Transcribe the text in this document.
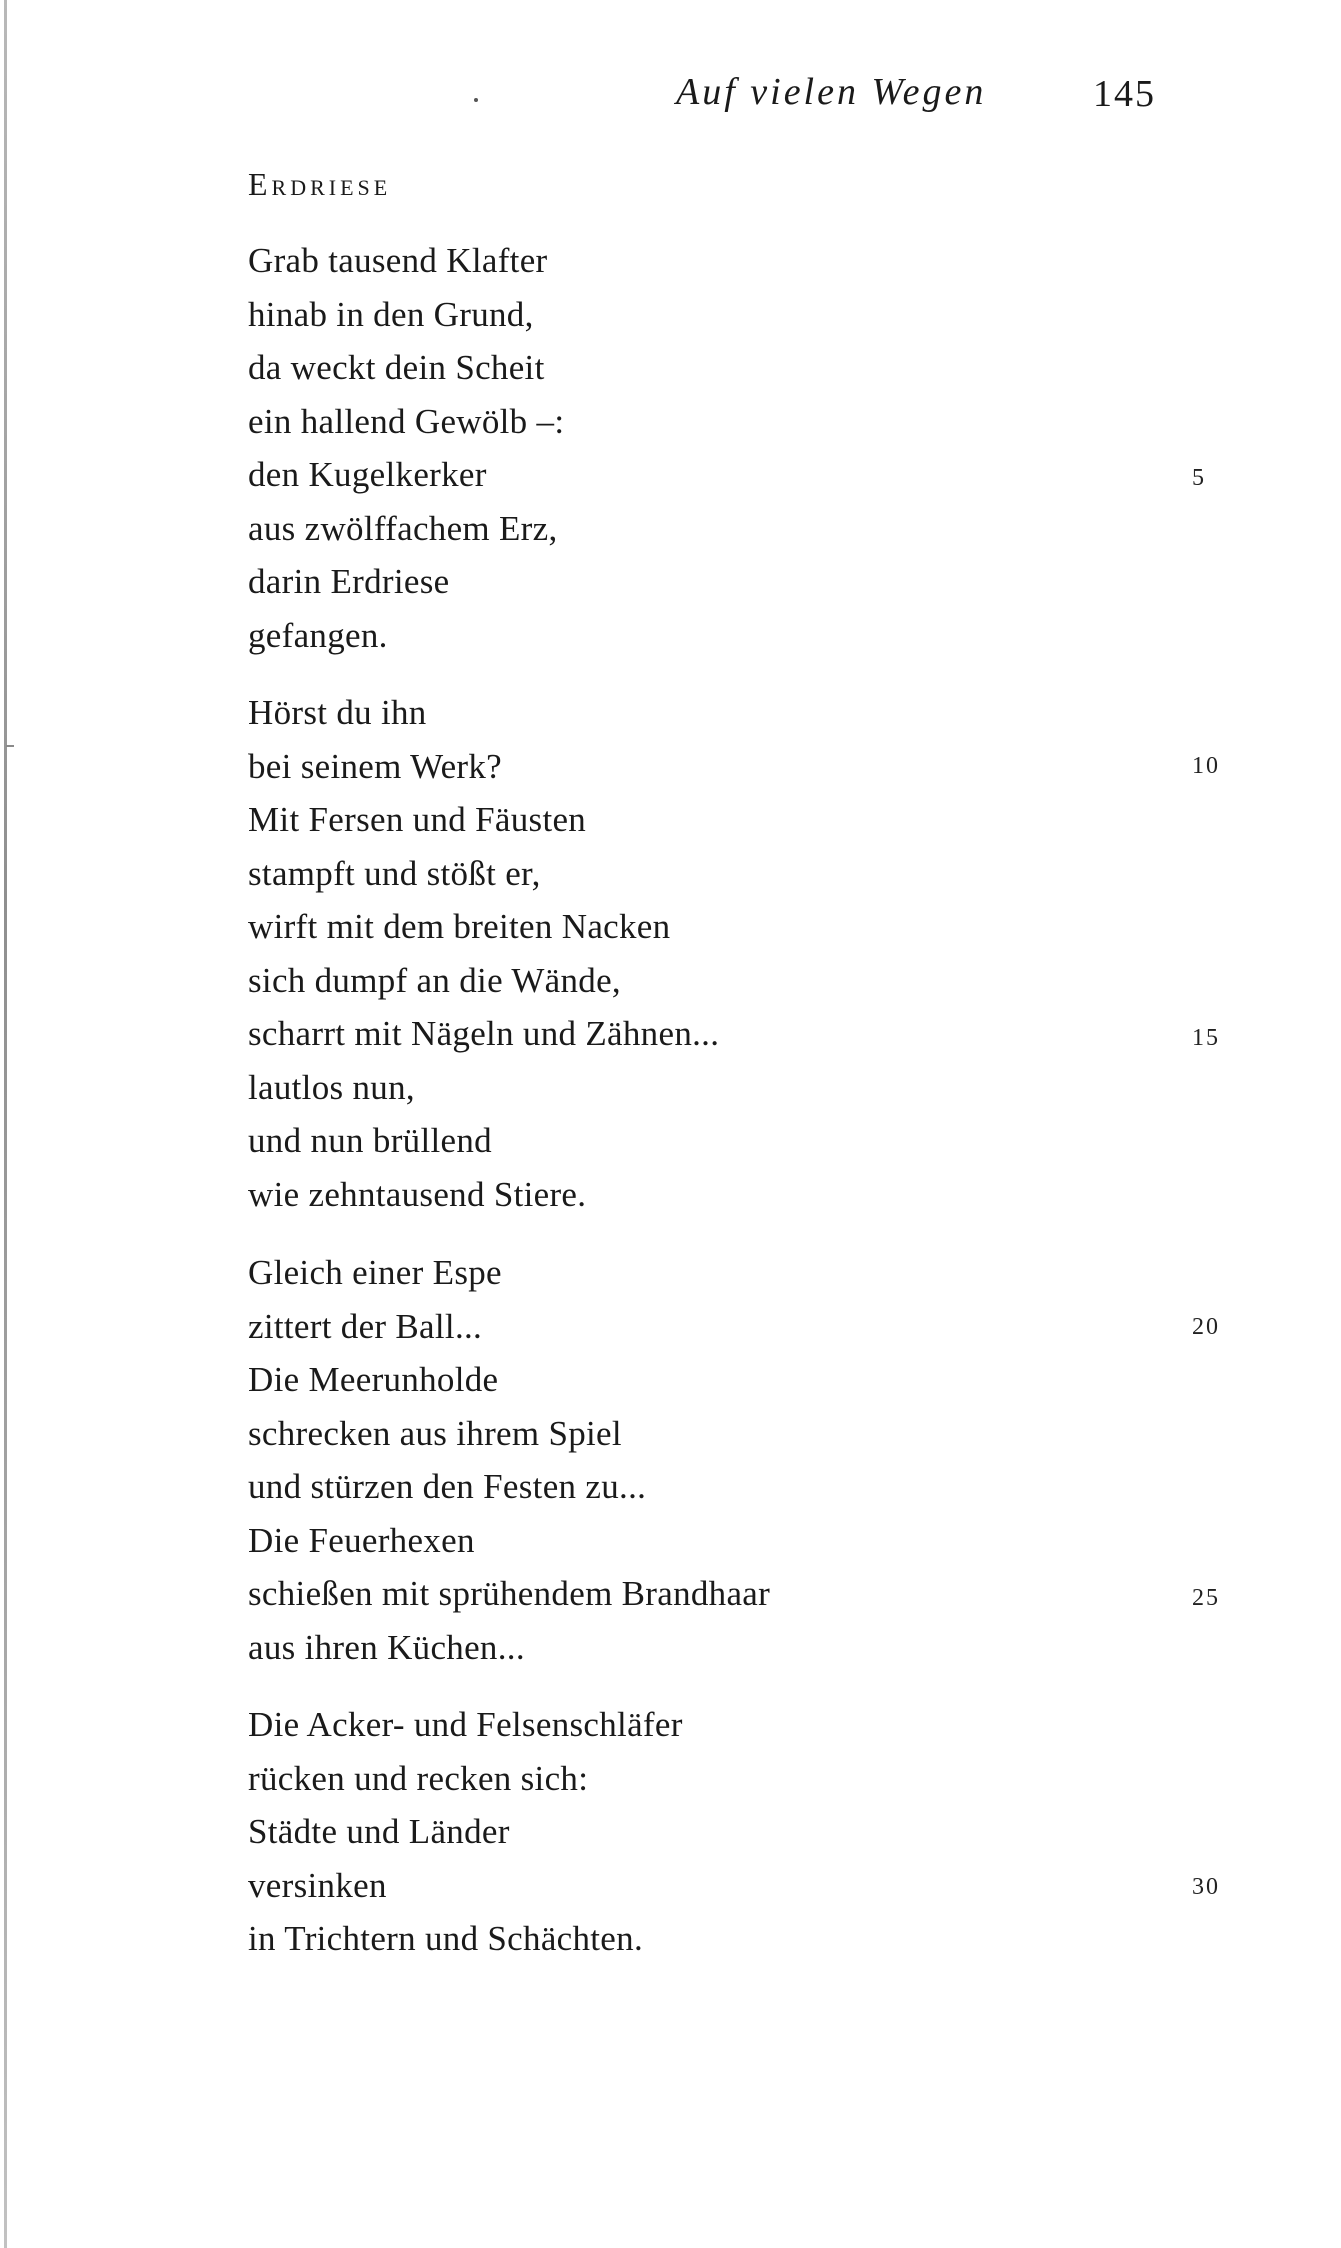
Auf vielen Wegen	145
Erdriese
Grab tausend Klafter
hinab in den Grund,
da weckt dein Scheit
ein hallend Gewölb –:
den Kugelkerker
aus zwölffachem Erz,
darin Erdriese
gefangen.
Hörst du ihn
bei seinem Werk?
Mit Fersen und Fäusten
stampft und stößt er,
wirft mit dem breiten Nacken
sich dumpf an die Wände,
scharrt mit Nägeln und Zähnen...
lautlos nun,
und nun brüllend
wie zehntausend Stiere.
Gleich einer Espe
zittert der Ball...
Die Meerunholde
schrecken aus ihrem Spiel
und stürzen den Festen zu...
Die Feuerhexen
schießen mit sprühendem Brandhaar
aus ihren Küchen...
Die Acker- und Felsenschläfer
rücken und recken sich:
Städte und Länder
versinken
in Trichtern und Schächten.
5
10
15
20
25
30
